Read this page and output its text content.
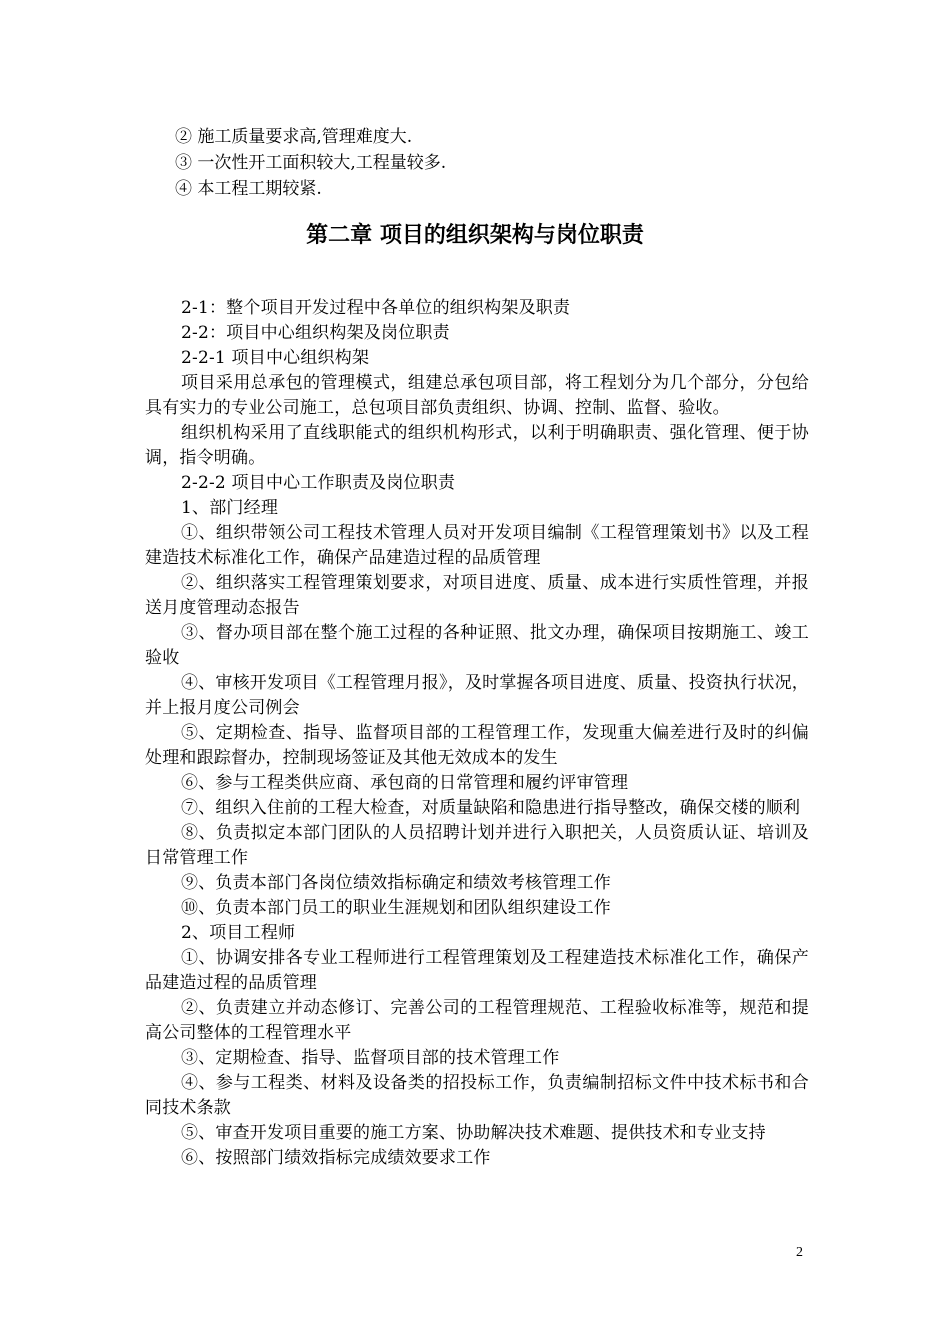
② 施工质量要求高,管理难度大.
③ 一次性开工面积较大,工程量较多.
④ 本工程工期较紧.
第二章 项目的组织架构与岗位职责

2-1：整个项目开发过程中各单位的组织构架及职责

2-2：项目中心组织构架及岗位职责

2-2-1 项目中心组织构架

项目采用总承包的管理模式，组建总承包项目部，将工程划分为几个部分，分包给具有实力的专业公司施工，总包项目部负责组织、协调、控制、监督、验收。

组织机构采用了直线职能式的组织机构形式，以利于明确职责、强化管理、便于协调，指令明确。

2-2-2 项目中心工作职责及岗位职责

1、部门经理

①、组织带领公司工程技术管理人员对开发项目编制《工程管理策划书》以及工程建造技术标准化工作，确保产品建造过程的品质管理

②、组织落实工程管理策划要求，对项目进度、质量、成本进行实质性管理，并报送月度管理动态报告

③、督办项目部在整个施工过程的各种证照、批文办理，确保项目按期施工、竣工验收

④、审核开发项目《工程管理月报》，及时掌握各项目进度、质量、投资执行状况，并上报月度公司例会

⑤、定期检查、指导、监督项目部的工程管理工作，发现重大偏差进行及时的纠偏处理和跟踪督办，控制现场签证及其他无效成本的发生

⑥、参与工程类供应商、承包商的日常管理和履约评审管理

⑦、组织入住前的工程大检查，对质量缺陷和隐患进行指导整改，确保交楼的顺利

⑧、负责拟定本部门团队的人员招聘计划并进行入职把关，人员资质认证、培训及日常管理工作

⑨、负责本部门各岗位绩效指标确定和绩效考核管理工作

⑩、负责本部门员工的职业生涯规划和团队组织建设工作

2、项目工程师

①、协调安排各专业工程师进行工程管理策划及工程建造技术标准化工作，确保产品建造过程的品质管理

②、负责建立并动态修订、完善公司的工程管理规范、工程验收标准等，规范和提高公司整体的工程管理水平

③、定期检查、指导、监督项目部的技术管理工作

④、参与工程类、材料及设备类的招投标工作，负责编制招标文件中技术标书和合同技术条款

⑤、审查开发项目重要的施工方案、协助解决技术难题、提供技术和专业支持

⑥、按照部门绩效指标完成绩效要求工作

2
